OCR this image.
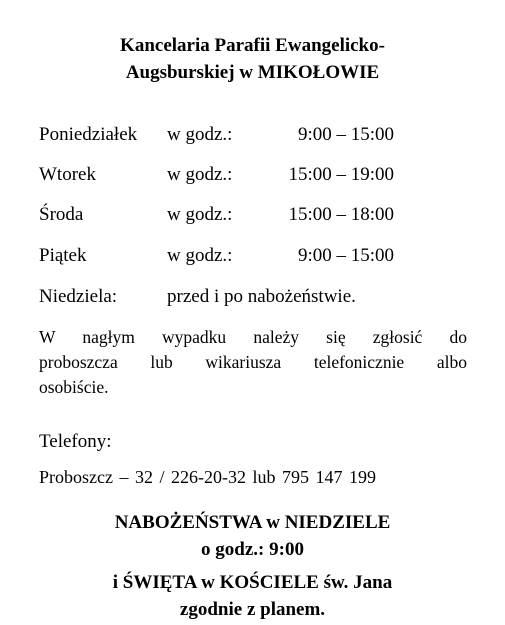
Kancelaria Parafii Ewangelicko-
Augsburskiej w MIKOŁOWIE
Poniedziałek w godz.:	9:00 – 15:00
Wtorek	w godz.:	15:00 – 19:00
Środa	w godz.:	15:00 – 18:00
Piątek	w godz.:	9:00 – 15:00
Niedziela:	przed i po nabożeństwie.
W nagłym wypadku należy się zgłosić do
proboszcza lub wikariusza telefonicznie albo
osobiście.
Telefony:
Proboszcz – 32 / 226-20-32 lub 795 147 199
NABOŻEŃSTWA w NIEDZIELE
o godz.: 9:00
i ŚWIĘTA w KOŚCIELE św. Jana
zgodnie z planem.
